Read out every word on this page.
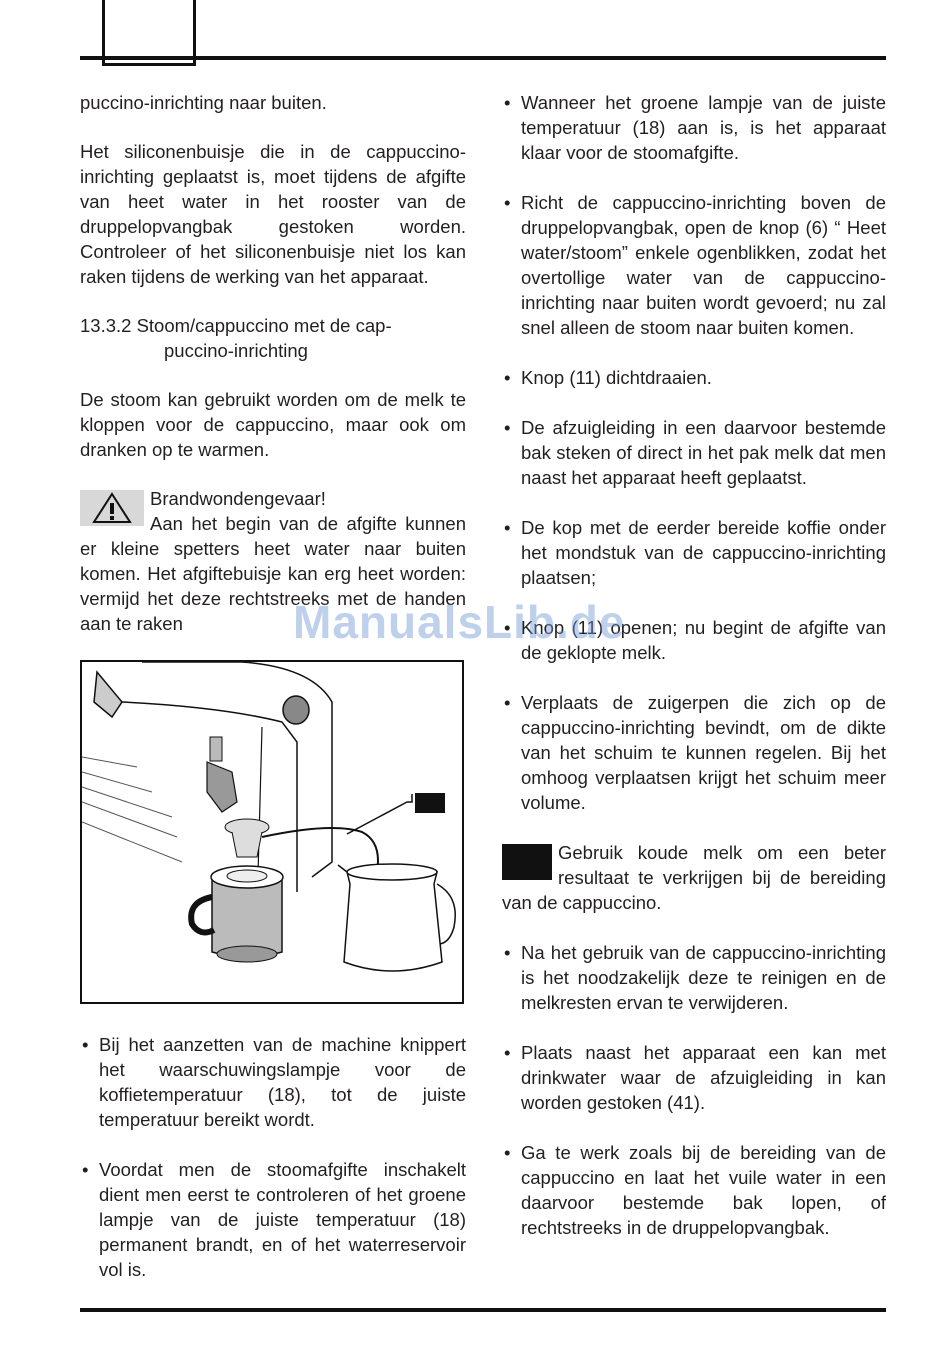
puccino-inrichting naar buiten.

Het siliconenbuisje die in de cappuccino-inrichting geplaatst is, moet tijdens de afgifte van heet water in het rooster van de druppelopvangbak gestoken worden. Controleer of het siliconenbuisje niet los kan raken tijdens de werking van het apparaat.

13.3.2 Stoom/cappuccino met de cap-
puccino-inrichting

De stoom kan gebruikt worden om de melk te kloppen voor de cappuccino, maar ook om dranken op te warmen.

Brandwondengevaar!
Aan het begin van de afgifte kunnen er kleine spetters heet water naar buiten komen. Het afgiftebuisje kan erg heet worden: vermijd het deze rechtstreeks met de handen aan te raken
• Bij het aanzetten van de machine knippert het waarschuwingslampje voor de koffietemperatuur (18), tot de juiste temperatuur bereikt wordt.
• Voordat men de stoomafgifte inschakelt dient men eerst te controleren of het groene lampje van de juiste temperatuur (18) permanent brandt, en of het waterreservoir vol is.
• Wanneer het groene lampje van de juiste temperatuur (18) aan is, is het apparaat klaar voor de stoomafgifte.
• Richt de cappuccino-inrichting boven de druppelopvangbak, open de knop (6) “ Heet water/stoom” enkele ogenblikken, zodat het overtollige water van de cappuccino-inrichting naar buiten wordt gevoerd; nu zal snel alleen de stoom naar buiten komen.
• Knop (11) dichtdraaien.
• De afzuigleiding in een daarvoor bestemde bak steken of direct in het pak melk dat men naast het apparaat heeft geplaatst.
• De kop met de eerder bereide koffie onder het mondstuk van de cappuccino-inrichting plaatsen;
• Knop (11) openen; nu begint de afgifte van de geklopte melk.
• Verplaats de zuigerpen die zich op de cappuccino-inrichting bevindt, om de dikte van het schuim te kunnen regelen. Bij het omhoog verplaatsen krijgt het schuim meer volume.
Gebruik koude melk om een beter resultaat te verkrijgen bij de bereiding van de cappuccino.
• Na het gebruik van de cappuccino-inrichting is het noodzakelijk deze te reinigen en de melkresten ervan te verwijderen.
• Plaats naast het apparaat een kan met drinkwater waar de afzuigleiding in kan worden gestoken (41).
• Ga te werk zoals bij de bereiding van de cappuccino en laat het vuile water in een daarvoor bestemde bak lopen, of rechtstreeks in de druppelopvangbak.
ManualsLib.de
